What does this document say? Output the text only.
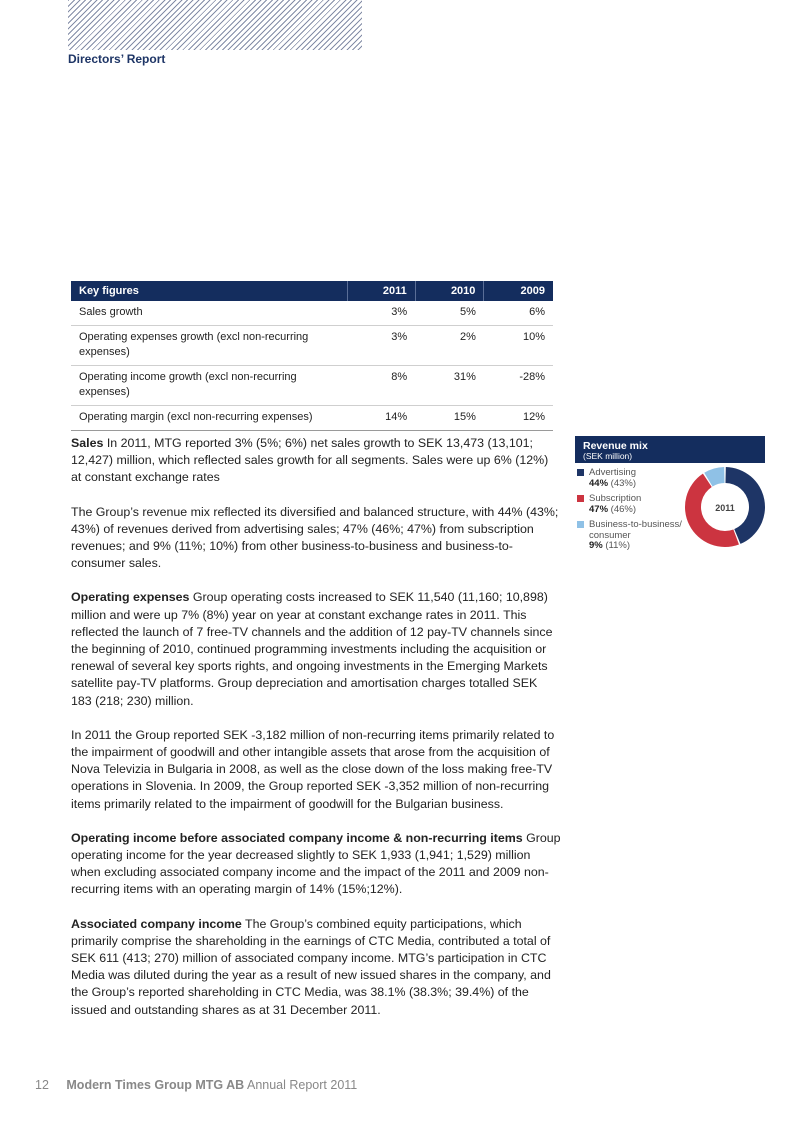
Directors’ Report
Key figures	2011	2010	2009
Sales growth	3%	5%	6%
Operating expenses growth (excl non-recurring expenses)	3%	2%	10%
Operating income growth (excl non-recurring expenses)	8%	31%	-28%
Operating margin (excl non-recurring expenses)	14%	15%	12%

Sales In 2011, MTG reported 3% (5%; 6%) net sales growth to SEK 13,473 (13,101; 12,427) million, which reflected sales growth for all segments. Sales were up 6% (12%) at constant exchange rates

The Group’s revenue mix reflected its diversified and balanced structure, with 44% (43%; 43%) of revenues derived from advertising sales; 47% (46%; 47%) from subscription revenues; and 9% (11%; 10%) from other business-to-business and business-to-consumer sales.

Operating expenses Group operating costs increased to SEK 11,540 (11,160; 10,898) million and were up 7% (8%) year on year at constant exchange rates in 2011. This reflected the launch of 7 free-TV channels and the addition of 12 pay-TV channels since the beginning of 2010, continued programming investments including the acquisition or renewal of several key sports rights, and ongoing investments in the Emerging Markets satellite pay-TV platforms. Group depreciation and amortisation charges totalled SEK 183 (218; 230) million.

In 2011 the Group reported SEK -3,182 million of non-recurring items primarily related to the impairment of goodwill and other intangible assets that arose from the acquisition of Nova Televizia in Bulgaria in 2008, as well as the close down of the loss making free-TV operations in Slovenia. In 2009, the Group reported SEK -3,352 million of non-recurring items primarily related to the impairment of goodwill for the Bulgarian business.

Operating income before associated company income & non-recurring items Group operating income for the year decreased slightly to SEK 1,933 (1,941; 1,529) million when excluding associated company income and the impact of the 2011 and 2009 non-recurring items with an operating margin of 14% (15%;12%).

Associated company income The Group’s combined equity participations, which primarily comprise the shareholding in the earnings of CTC Media, contributed a total of SEK 611 (413; 270) million of associated company income. MTG’s participation in CTC Media was diluted during the year as a result of new issued shares in the company, and the Group’s reported shareholding in CTC Media, was 38.1% (38.3%; 39.4%) of the issued and outstanding shares as at 31 December 2011.

Revenue mix
(SEK million)
Advertising
44% (43%)
Subscription
47% (46%)
Business-to-business/ consumer
9% (11%)
2011
12 Modern Times Group MTG AB Annual Report 2011
